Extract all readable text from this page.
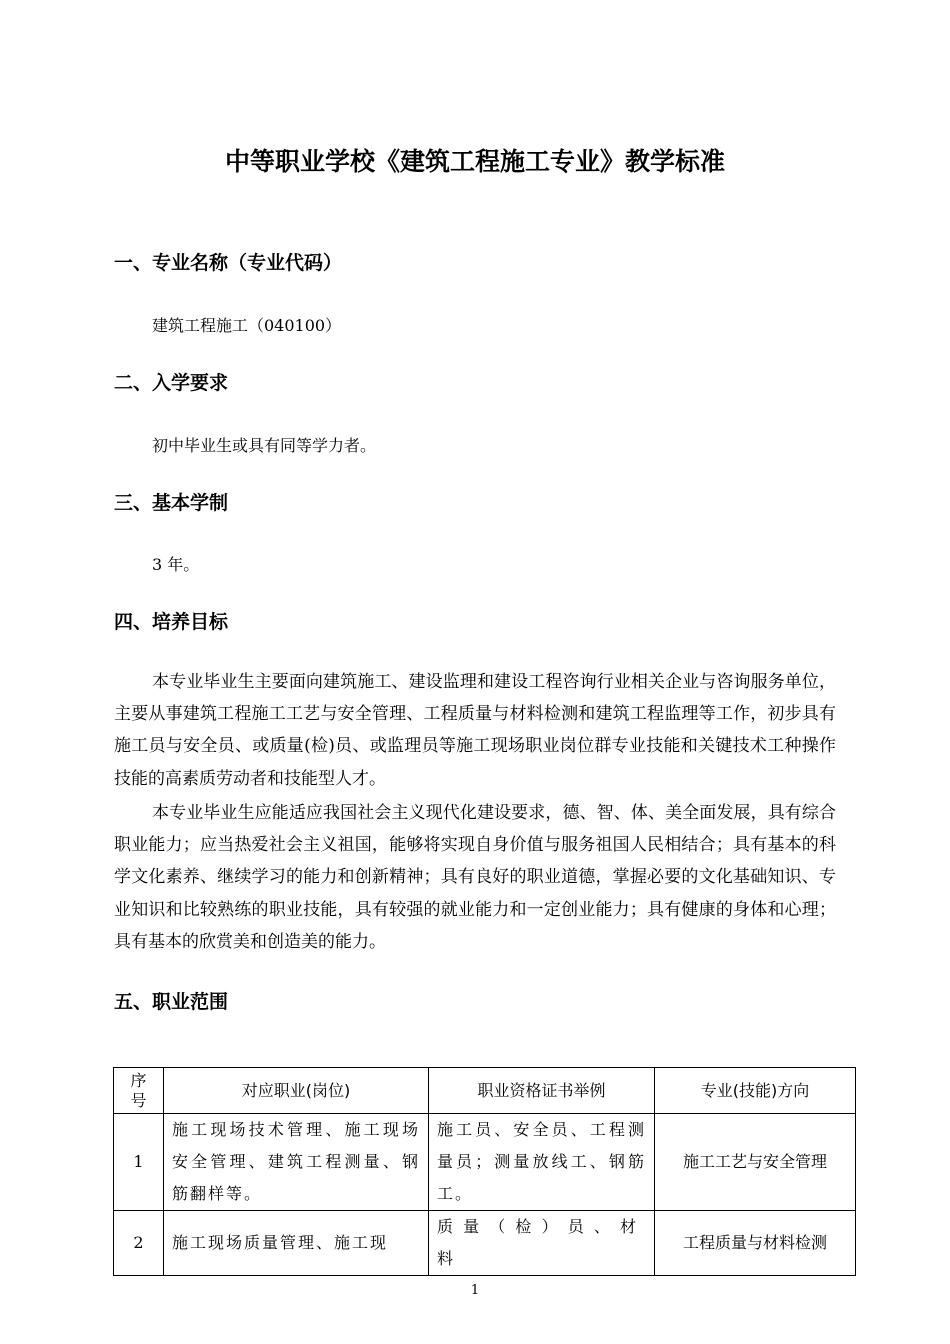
中等职业学校《建筑工程施工专业》教学标准
一、专业名称（专业代码）
建筑工程施工（040100）
二、入学要求
初中毕业生或具有同等学力者。
三、基本学制
3 年。
四、培养目标

本专业毕业生主要面向建筑施工、建设监理和建设工程咨询行业相关企业与咨询服务单位，主要从事建筑工程施工工艺与安全管理、工程质量与材料检测和建筑工程监理等工作，初步具有施工员与安全员、或质量(检)员、或监理员等施工现场职业岗位群专业技能和关键技术工种操作技能的高素质劳动者和技能型人才。

本专业毕业生应能适应我国社会主义现代化建设要求，德、智、体、美全面发展，具有综合职业能力；应当热爱社会主义祖国，能够将实现自身价值与服务祖国人民相结合；具有基本的科学文化素养、继续学习的能力和创新精神；具有良好的职业道德，掌握必要的文化基础知识、专业知识和比较熟练的职业技能，具有较强的就业能力和一定创业能力；具有健康的身体和心理；具有基本的欣赏美和创造美的能力。

五、职业范围
序号	对应职业(岗位)	职业资格证书举例	专业(技能)方向
1	施工现场技术管理、施工现场安全管理、建筑工程测量、钢筋翻样等。	施工员、安全员、工程测量员；测量放线工、钢筋工。	施工工艺与安全管理
2	施工现场质量管理、施工现	质量（检）员、材料	工程质量与材料检测
1
